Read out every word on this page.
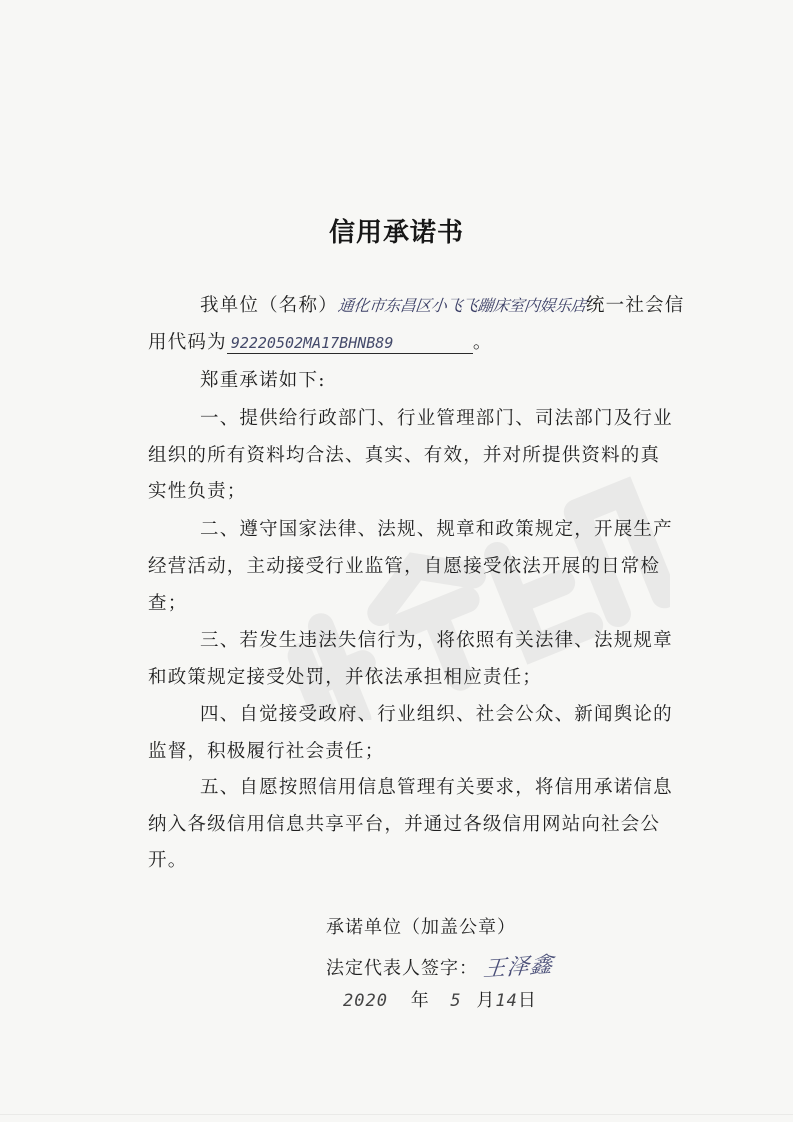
信用承诺书
我单位（名称）通化市东昌区小飞飞蹦床室内娱乐店统一社会信
用代码为 92220502MA17BHNB89	。
郑重承诺如下:
一、提供给行政部门、行业管理部门、司法部门及行业
组织的所有资料均合法、真实、有效，并对所提供资料的真
实性负责；
二、遵守国家法律、法规、规章和政策规定，开展生产
经营活动，主动接受行业监管，自愿接受依法开展的日常检
查；
三、若发生违法失信行为，将依照有关法律、法规规章
和政策规定接受处罚，并依法承担相应责任；
四、自觉接受政府、行业组织、社会公众、新闻舆论的
监督，积极履行社会责任；
五、自愿按照信用信息管理有关要求，将信用承诺信息
纳入各级信用信息共享平台，并通过各级信用网站向社会公
开。
承诺单位（加盖公章）
法定代表人签字： 王泽鑫
2020 年 5 月14日
